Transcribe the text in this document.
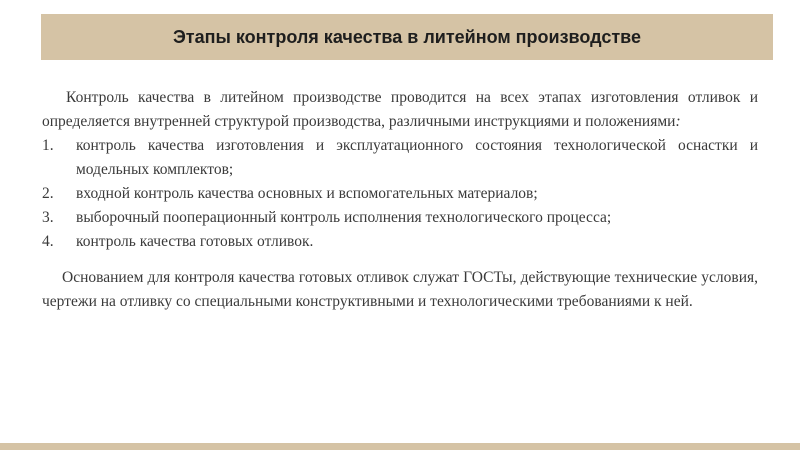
Этапы контроля качества в литейном производстве

Контроль качества в литейном производстве проводится на всех этапах изготовления отливок и определяется внутренней структурой производства, различными инструкциями и положениями:

1. контроль качества изготовления и эксплуатационного состояния технологической оснастки и модельных комплектов;
2. входной контроль качества основных и вспомогательных материалов;
3. выборочный пооперационный контроль исполнения технологического процесса;
4. контроль качества готовых отливок.

Основанием для контроля качества готовых отливок служат ГОСТы, действующие технические условия, чертежи на отливку со специальными конструктивными и технологическими требованиями к ней.
